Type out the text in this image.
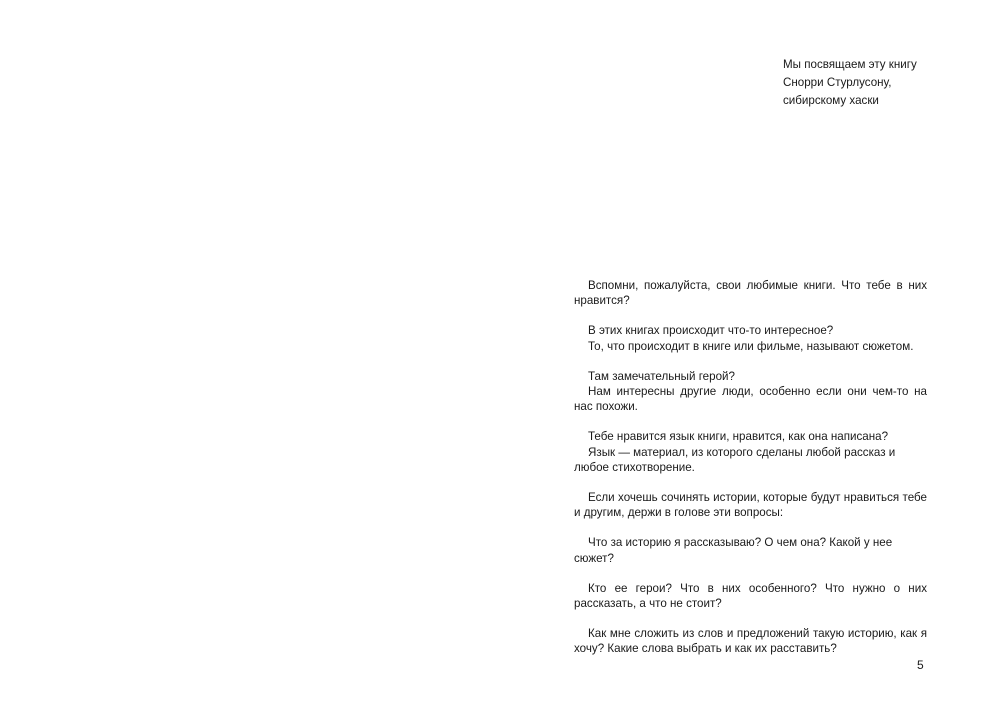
Мы посвящаем эту книгу
Снорри Стурлусону,
сибирскому хаски

Вспомни, пожалуйста, свои любимые книги. Что тебе в них нравится?

В этих книгах происходит что-то интересное?

То, что происходит в книге или фильме, называют сюжетом.

Там замечательный герой?

Нам интересны другие люди, особенно если они чем-то на нас похожи.

Тебе нравится язык книги, нравится, как она написана?

Язык — материал, из которого сделаны любой рассказ и любое стихотворение.

Если хочешь сочинять истории, которые будут нравиться тебе и другим, держи в голове эти вопросы:

Что за историю я рассказываю? О чем она? Какой у нее сюжет?

Кто ее герои? Что в них особенного? Что нужно о них рассказать, а что не стоит?

Как мне сложить из слов и предложений такую историю, как я хочу? Какие слова выбрать и как их расставить?

5
